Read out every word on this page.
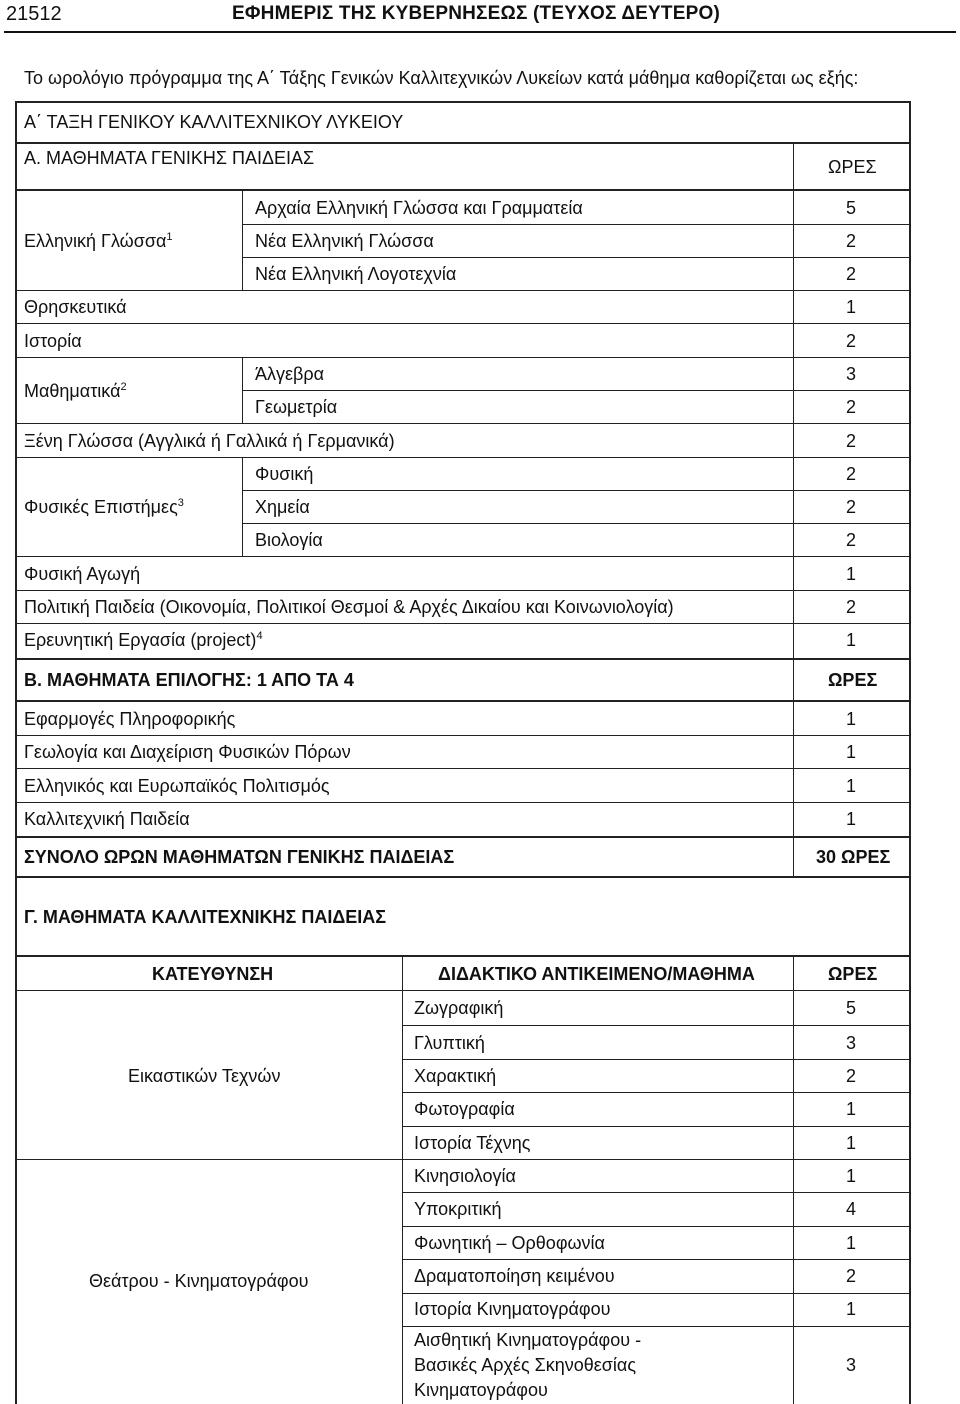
21512	ΕΦΗΜΕΡΙΣ ΤΗΣ ΚΥΒΕΡΝΗΣΕΩΣ (ΤΕΥΧΟΣ ΔΕΥΤΕΡΟ)
Το ωρολόγιο πρόγραμμα της Α΄ Τάξης Γενικών Καλλιτεχνικών Λυκείων κατά μάθημα καθορίζεται ως εξής:
Α΄ ΤΑΞΗ ΓΕΝΙΚΟΥ ΚΑΛΛΙΤΕΧΝΙΚΟΥ ΛΥΚΕΙΟΥ
Α. ΜΑΘΗΜΑΤΑ ΓΕΝΙΚΗΣ ΠΑΙΔΕΙΑΣ	ΩΡΕΣ
Ελληνική Γλώσσα$^1$
Αρχαία Ελληνική Γλώσσα και Γραμματεία	5
Νέα Ελληνική Γλώσσα	2
Νέα Ελληνική Λογοτεχνία	2
Θρησκευτικά	1
Ιστορία	2
Μαθηματικά$^2$
Άλγεβρα	3
Γεωμετρία	2
Ξένη Γλώσσα (Αγγλικά ή Γαλλικά ή Γερμανικά)	2
Φυσικές Επιστήμες$^3$
Φυσική	2
Χημεία	2
Βιολογία	2
Φυσική Αγωγή	1
Πολιτική Παιδεία (Οικονομία, Πολιτικοί Θεσμοί & Αρχές Δικαίου και Κοινωνιολογία)	2
Ερευνητική Εργασία (project)$^4$	1
Β. ΜΑΘΗΜΑΤΑ ΕΠΙΛΟΓΗΣ: 1 ΑΠΟ ΤΑ 4	ΩΡΕΣ
Εφαρμογές Πληροφορικής	1
Γεωλογία και Διαχείριση Φυσικών Πόρων	1
Ελληνικός και Ευρωπαϊκός Πολιτισμός	1
Καλλιτεχνική Παιδεία	1
ΣΥΝΟΛΟ ΩΡΩΝ ΜΑΘΗΜΑΤΩΝ ΓΕΝΙΚΗΣ ΠΑΙΔΕΙΑΣ	30 ΩΡΕΣ
Γ. ΜΑΘΗΜΑΤΑ ΚΑΛΛΙΤΕΧΝΙΚΗΣ ΠΑΙΔΕΙΑΣ
ΚΑΤΕΥΘΥΝΣΗ	ΔΙΔΑΚΤΙΚΟ ΑΝΤΙΚΕΙΜΕΝΟ/ΜΑΘΗΜΑ	ΩΡΕΣ
Εικαστικών Τεχνών
Ζωγραφική	5
Γλυπτική	3
Χαρακτική	2
Φωτογραφία	1
Ιστορία Τέχνης	1
Θεάτρου - Κινηματογράφου
Κινησιολογία	1
Υποκριτική	4
Φωνητική – Ορθοφωνία	1
Δραματοποίηση κειμένου	2
Ιστορία Κινηματογράφου	1
Αισθητική Κινηματογράφου -
Βασικές Αρχές Σκηνοθεσίας
Κινηματογράφου
3
